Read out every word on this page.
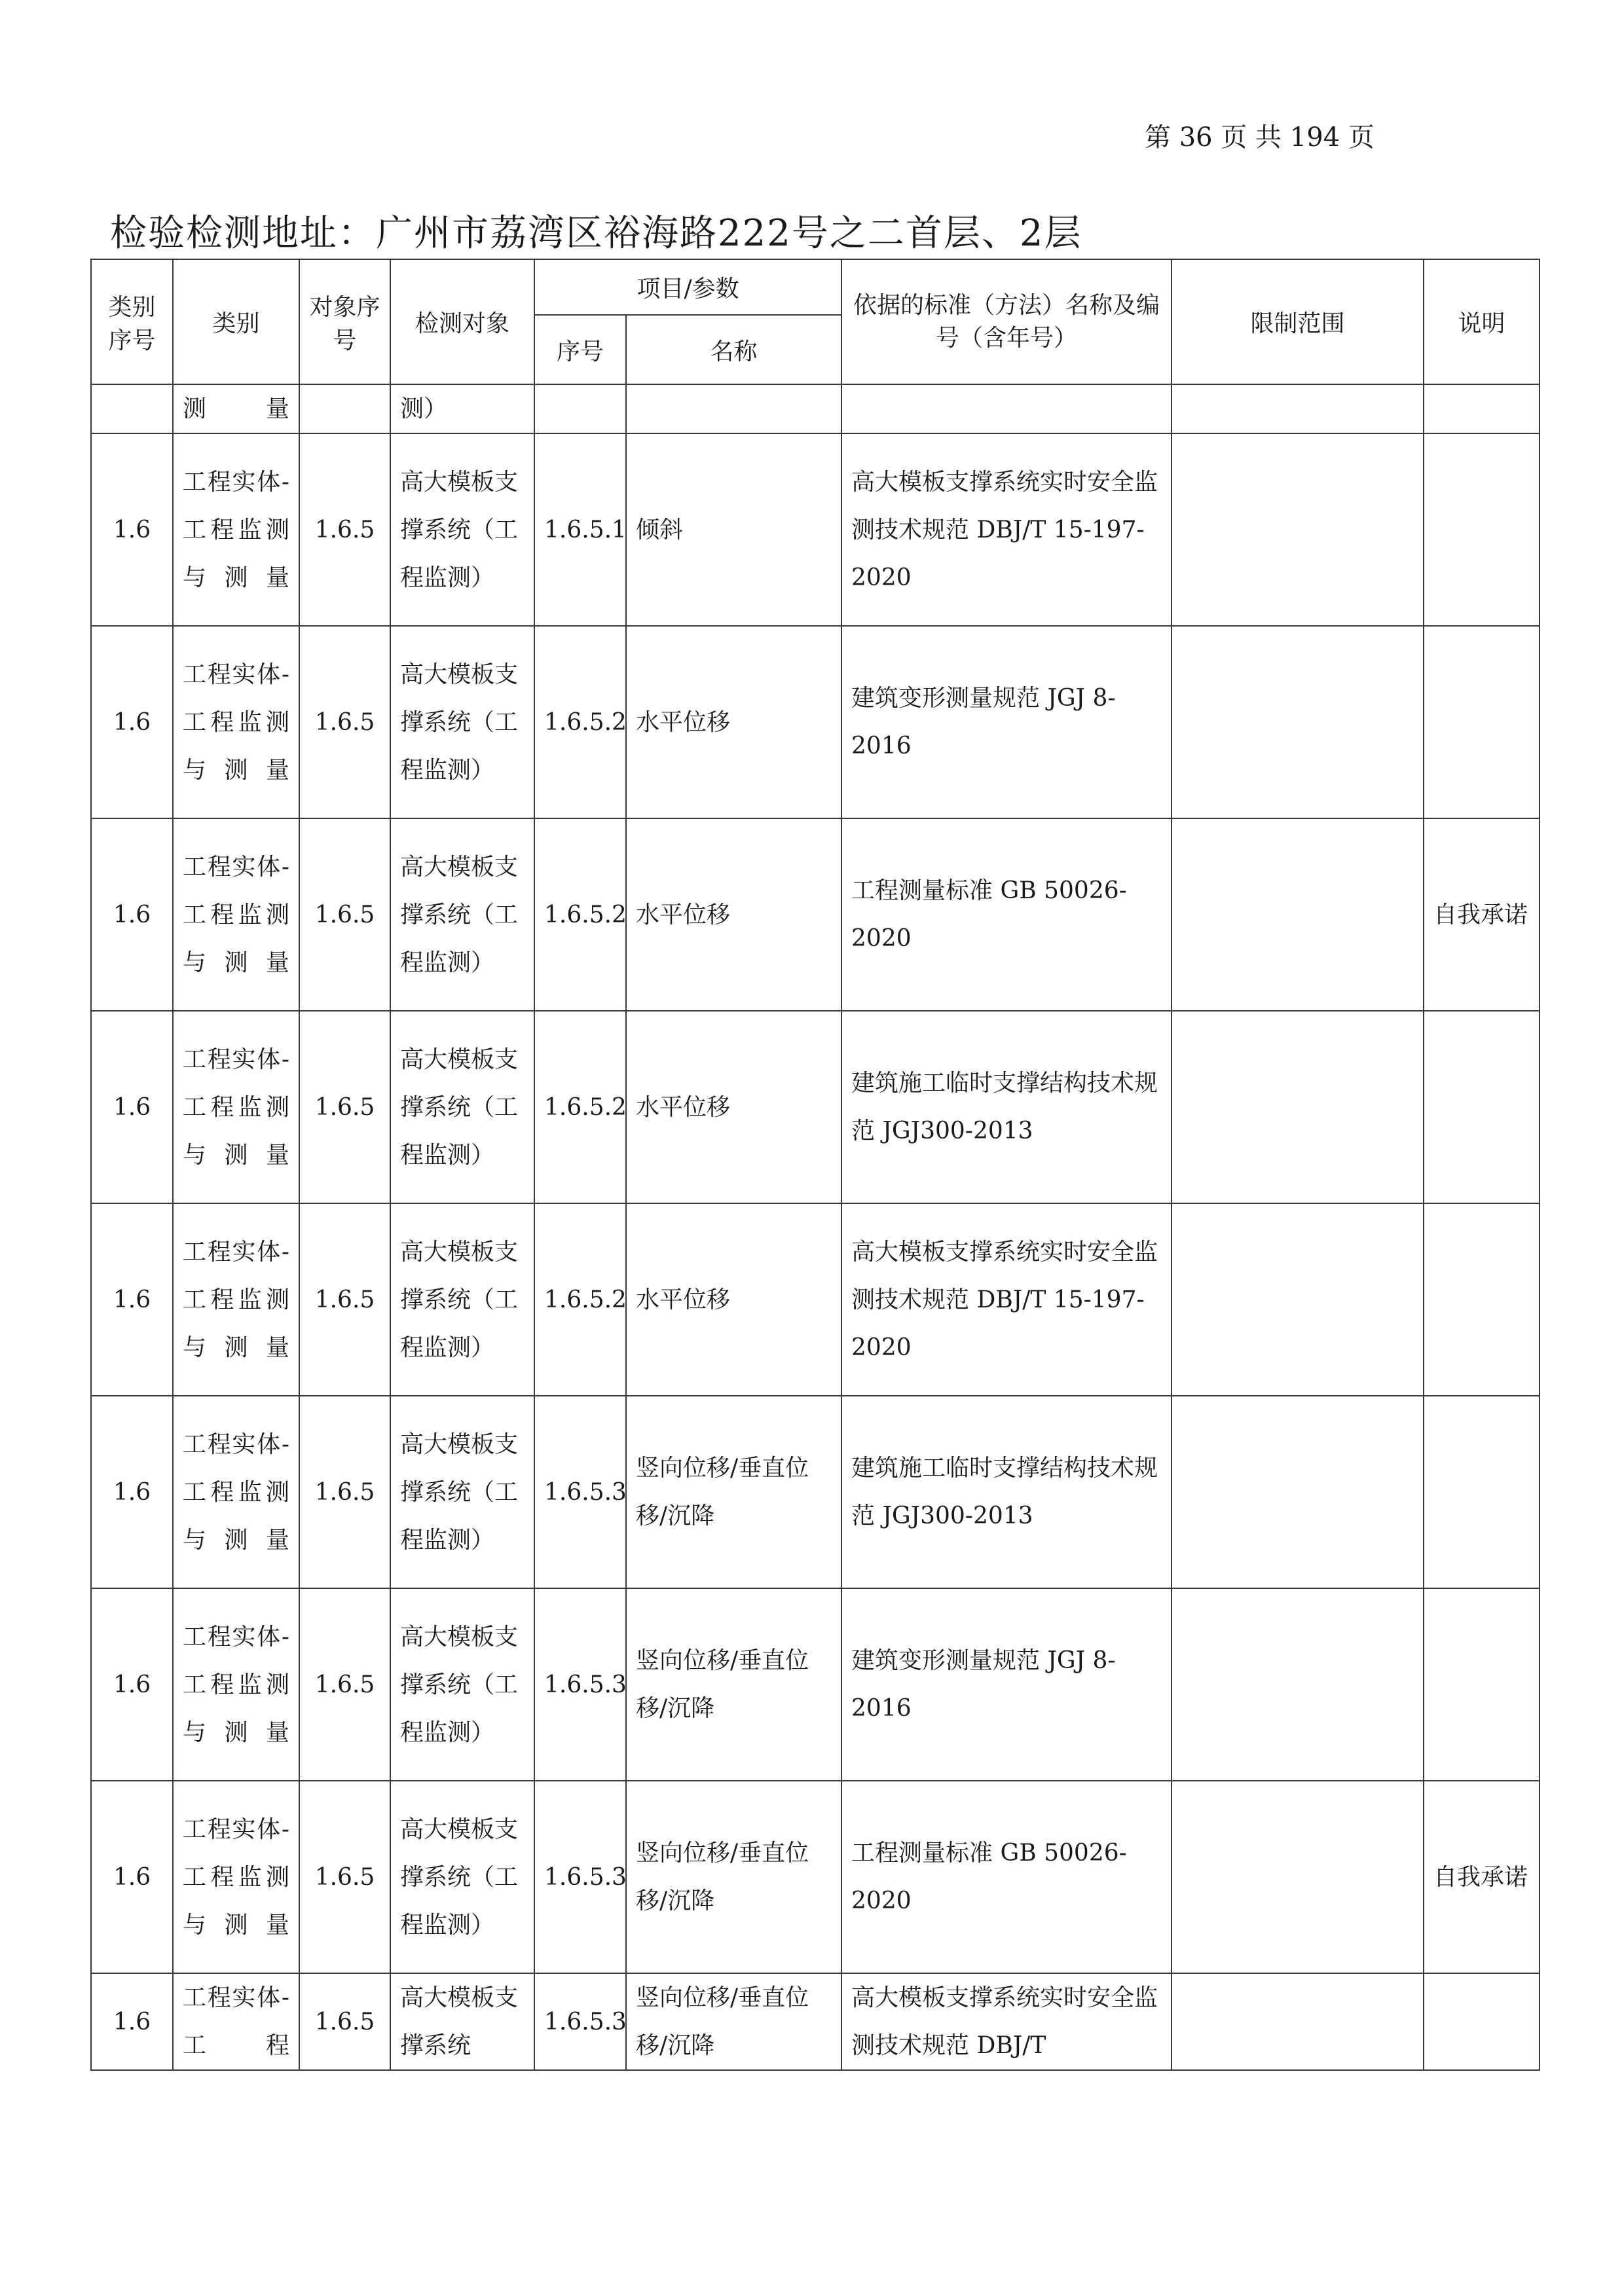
第 36 页 共 194 页
检验检测地址：广州市荔湾区裕海路222号之二首层、2层
类别序号	类别	对象序号	检测对象	项目/参数		依据的标准（方法）名称及编号（含年号）	限制范围	说明
				序号	名称			
	测量		测）					
1.6	工程实体-工程监测与测量	1.6.5	高大模板支撑系统（工程监测）	1.6.5.1	倾斜	高大模板支撑系统实时安全监测技术规范 DBJ/T 15-197-2020		
1.6	工程实体-工程监测与测量	1.6.5	高大模板支撑系统（工程监测）	1.6.5.2	水平位移	建筑变形测量规范 JGJ 8-2016		
1.6	工程实体-工程监测与测量	1.6.5	高大模板支撑系统（工程监测）	1.6.5.2	水平位移	工程测量标准 GB 50026-2020		自我承诺
1.6	工程实体-工程监测与测量	1.6.5	高大模板支撑系统（工程监测）	1.6.5.2	水平位移	建筑施工临时支撑结构技术规范 JGJ300-2013		
1.6	工程实体-工程监测与测量	1.6.5	高大模板支撑系统（工程监测）	1.6.5.2	水平位移	高大模板支撑系统实时安全监测技术规范 DBJ/T 15-197-2020		
1.6	工程实体-工程监测与测量	1.6.5	高大模板支撑系统（工程监测）	1.6.5.3	竖向位移/垂直位移/沉降	建筑施工临时支撑结构技术规范 JGJ300-2013		
1.6	工程实体-工程监测与测量	1.6.5	高大模板支撑系统（工程监测）	1.6.5.3	竖向位移/垂直位移/沉降	建筑变形测量规范 JGJ 8-2016		
1.6	工程实体-工程监测与测量	1.6.5	高大模板支撑系统（工程监测）	1.6.5.3	竖向位移/垂直位移/沉降	工程测量标准 GB 50026-2020		自我承诺
1.6	工程实体-工程	1.6.5	高大模板支撑系统	1.6.5.3	竖向位移/垂直位移/沉降	高大模板支撑系统实时安全监测技术规范 DBJ/T		
